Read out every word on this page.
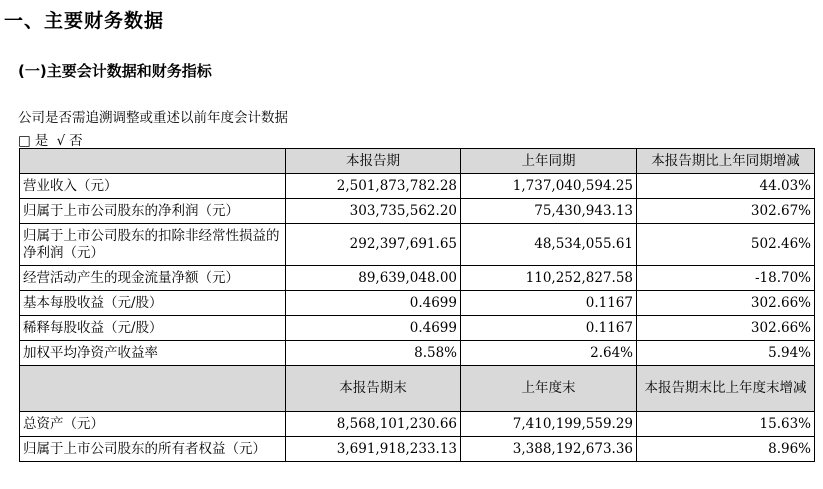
一、主要财务数据
(一)主要会计数据和财务指标
公司是否需追溯调整或重述以前年度会计数据
□ 是 √ 否
	本报告期	上年同期	本报告期比上年同期增减
营业收入（元）	2,501,873,782.28	1,737,040,594.25	44.03%
归属于上市公司股东的净利润（元）	303,735,562.20	75,430,943.13	302.67%
归属于上市公司股东的扣除非经常性损益的净利润（元）	292,397,691.65	48,534,055.61	502.46%
经营活动产生的现金流量净额（元）	89,639,048.00	110,252,827.58	-18.70%
基本每股收益（元/股）	0.4699	0.1167	302.66%
稀释每股收益（元/股）	0.4699	0.1167	302.66%
加权平均净资产收益率	8.58%	2.64%	5.94%
	本报告期末	上年度末	本报告期末比上年度末增减
总资产（元）	8,568,101,230.66	7,410,199,559.29	15.63%
归属于上市公司股东的所有者权益（元）	3,691,918,233.13	3,388,192,673.36	8.96%
